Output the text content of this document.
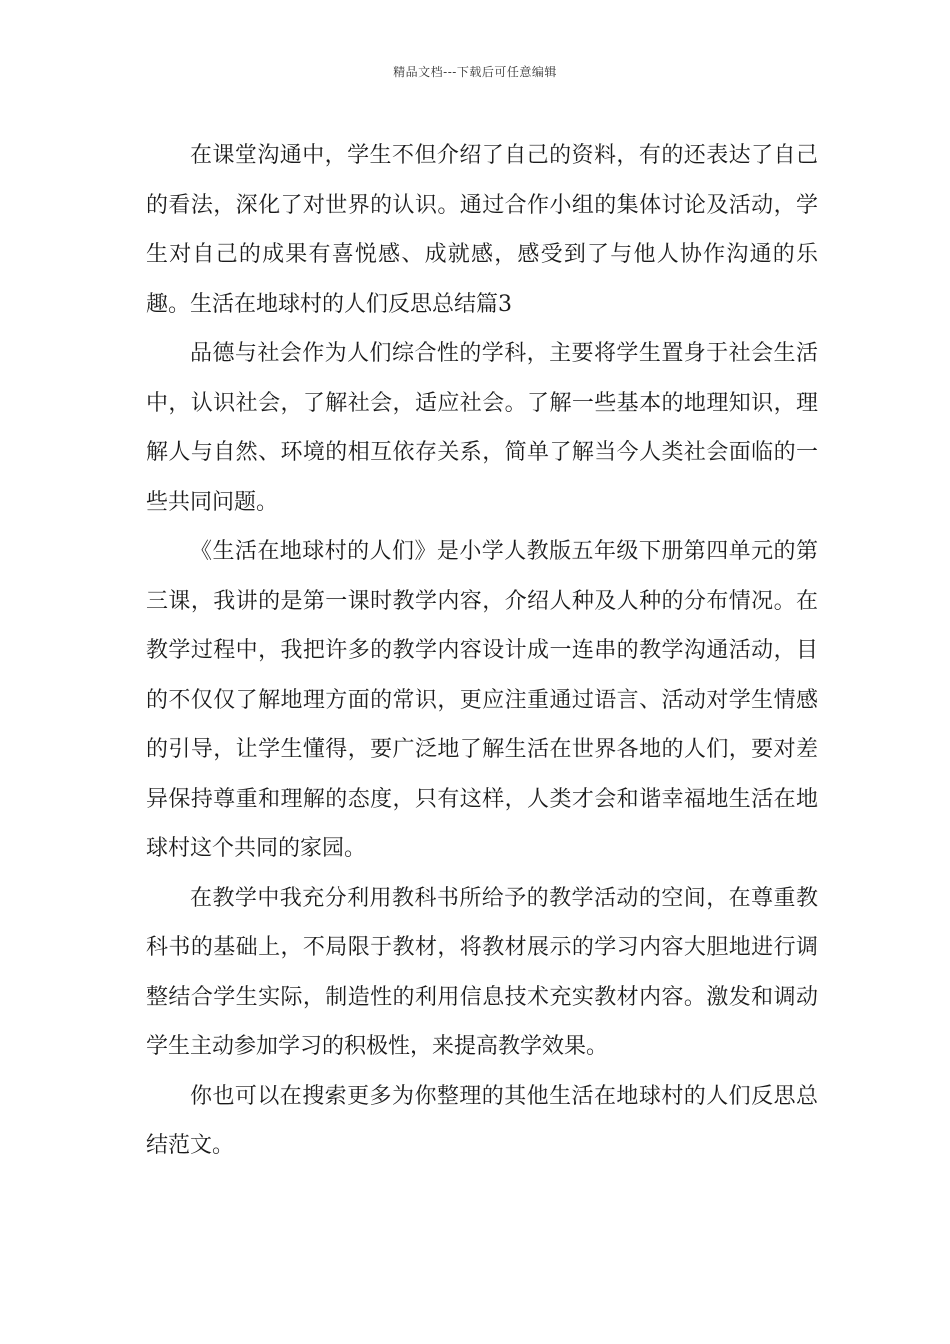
精品文档---下载后可任意编辑

在课堂沟通中，学生不但介绍了自己的资料，有的还表达了自己的看法，深化了对世界的认识。通过合作小组的集体讨论及活动，学生对自己的成果有喜悦感、成就感，感受到了与他人协作沟通的乐趣。生活在地球村的人们反思总结篇3

品德与社会作为人们综合性的学科，主要将学生置身于社会生活中，认识社会，了解社会，适应社会。了解一些基本的地理知识，理解人与自然、环境的相互依存关系，简单了解当今人类社会面临的一些共同问题。

《生活在地球村的人们》是小学人教版五年级下册第四单元的第三课，我讲的是第一课时教学内容，介绍人种及人种的分布情况。在教学过程中，我把许多的教学内容设计成一连串的教学沟通活动，目的不仅仅了解地理方面的常识，更应注重通过语言、活动对学生情感的引导，让学生懂得，要广泛地了解生活在世界各地的人们，要对差异保持尊重和理解的态度，只有这样，人类才会和谐幸福地生活在地球村这个共同的家园。

在教学中我充分利用教科书所给予的教学活动的空间，在尊重教科书的基础上，不局限于教材，将教材展示的学习内容大胆地进行调整结合学生实际，制造性的利用信息技术充实教材内容。激发和调动学生主动参加学习的积极性，来提高教学效果。

你也可以在搜索更多为你整理的其他生活在地球村的人们反思总结范文。
